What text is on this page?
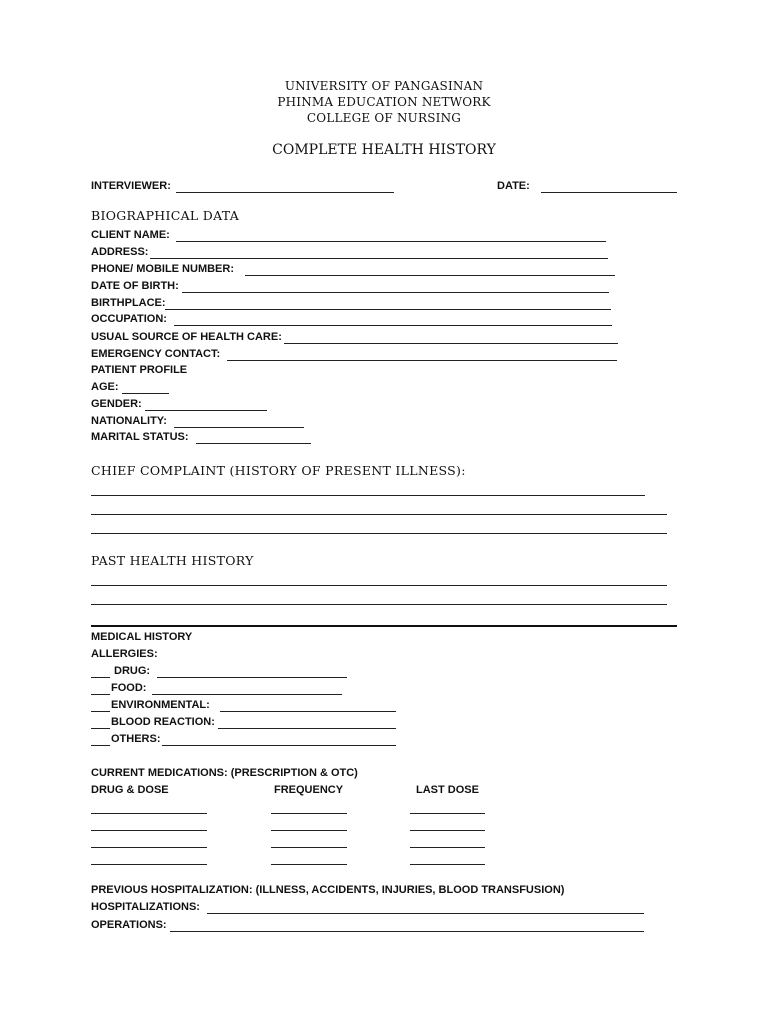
UNIVERSITY OF PANGASINAN
PHINMA EDUCATION NETWORK
COLLEGE OF NURSING
COMPLETE HEALTH HISTORY
INTERVIEWER:	DATE:
BIOGRAPHICAL DATA
CLIENT NAME:
ADDRESS:
PHONE/ MOBILE NUMBER:
DATE OF BIRTH:
BIRTHPLACE:
OCCUPATION:
USUAL SOURCE OF HEALTH CARE:
EMERGENCY CONTACT:
PATIENT PROFILE
AGE:
GENDER:
NATIONALITY:
MARITAL STATUS:
CHIEF COMPLAINT (HISTORY OF PRESENT ILLNESS):
PAST HEALTH HISTORY
MEDICAL HISTORY
ALLERGIES:
DRUG:
FOOD:
ENVIRONMENTAL:
BLOOD REACTION:
OTHERS:
CURRENT MEDICATIONS: (PRESCRIPTION & OTC)
DRUG & DOSE	FREQUENCY	LAST DOSE
PREVIOUS HOSPITALIZATION: (ILLNESS, ACCIDENTS, INJURIES, BLOOD TRANSFUSION)
HOSPITALIZATIONS:
OPERATIONS:
